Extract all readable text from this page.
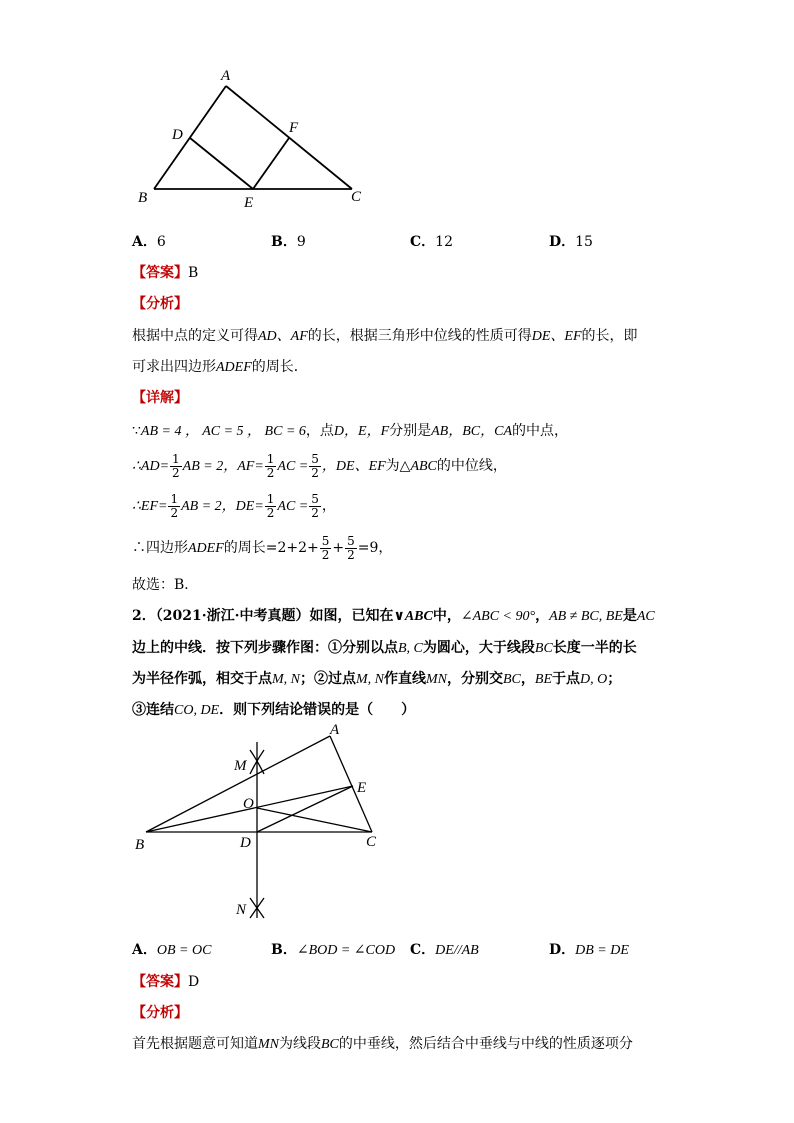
A
D	F
B	E	C
A．6	B．9	C．12	D．15
【答案】B
【分析】
根据中点的定义可得AD、AF的长，根据三角形中位线的性质可得DE、EF的长，即
可求出四边形ADEF的周长．
【详解】
∵AB = 4 ， AC = 5 ， BC = 6，点D，E，F分别是AB，BC，CA的中点，
∴AD= $\frac{1}{2}$ AB = 2，$AF= \frac{1}{2}$ AC = $\frac{5}{2}$ ，DE、EF为△ABC的中位线，
∴EF= $\frac{1}{2}$ AB = 2，$DE= \frac{1}{2}$ AC = $\frac{5}{2}$ ，
∴四边形ADEF的周长$=2+2+ \frac{5}{2} + \frac{5}{2} =9$，
故选：B．
2．（2021·浙江·中考真题）如图，已知在∨ABC中，∠ABC < 90°，AB ≠ BC, BE是AC
边上的中线．按下列步骤作图：①分别以点B, C为圆心，大于线段BC长度一半的长
为半径作弧，相交于点M, N；②过点M, N作直线MN，分别交BC，BE于点D, O；
③连结CO, DE．则下列结论错误的是（　　）
A
M
E
O
B	D	C
N
A．OB = OC	B．∠BOD = ∠COD C．DE//AB	D．DB = DE
【答案】D
【分析】
首先根据题意可知道MN为线段BC的中垂线，然后结合中垂线与中线的性质逐项分
